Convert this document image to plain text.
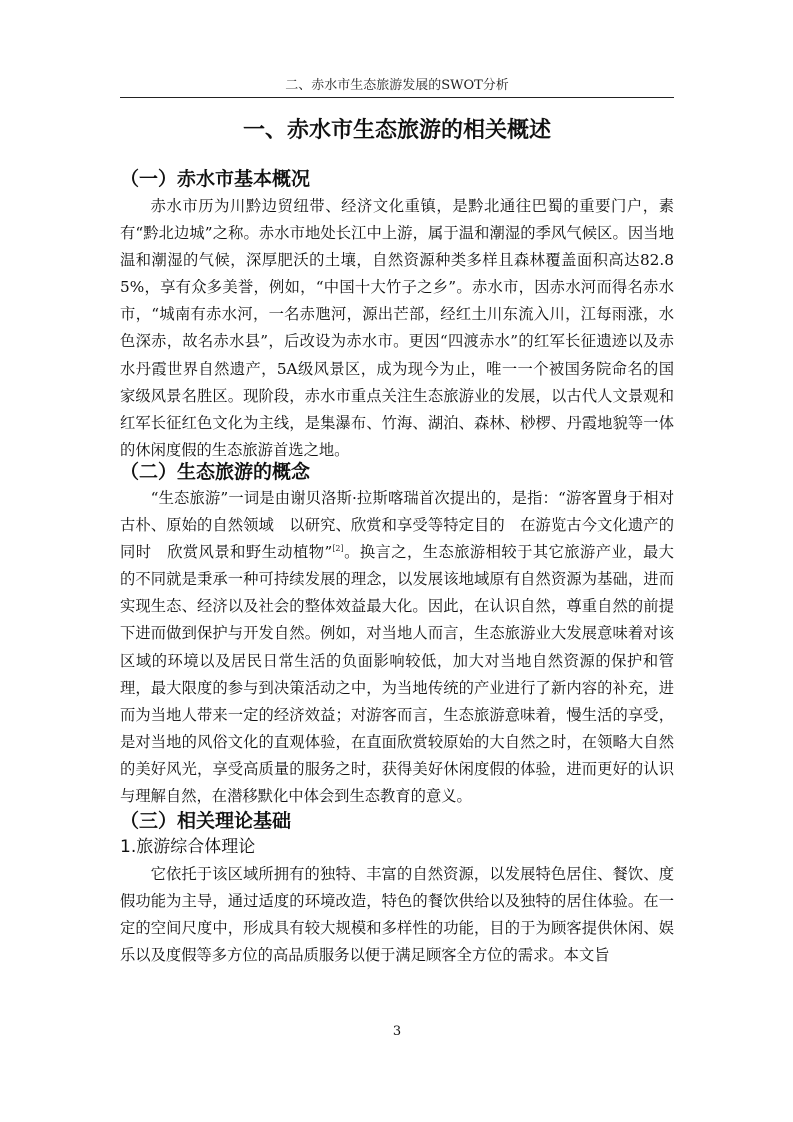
二、赤水市生态旅游发展的SWOT分析
一、赤水市生态旅游的相关概述
（一）赤水市基本概况

赤水市历为川黔边贸纽带、经济文化重镇，是黔北通往巴蜀的重要门户，素有“黔北边城”之称。赤水市地处长江中上游，属于温和潮湿的季风气候区。因当地温和潮湿的气候，深厚肥沃的土壤，自然资源种类多样且森林覆盖面积高达82.85%，享有众多美誉，例如，“中国十大竹子之乡”。赤水市，因赤水河而得名赤水市，“城南有赤水河，一名赤虺河，源出芒部，经红土川东流入川，江每雨涨，水色深赤，故名赤水县”，后改设为赤水市。更因“四渡赤水”的红军长征遗迹以及赤水丹霞世界自然遗产，5A级风景区，成为现今为止，唯一一个被国务院命名的国家级风景名胜区。现阶段，赤水市重点关注生态旅游业的发展，以古代人文景观和红军长征红色文化为主线，是集瀑布、竹海、湖泊、森林、桫椤、丹霞地貌等一体的休闲度假的生态旅游首选之地。

（二）生态旅游的概念

“生态旅游”一词是由谢贝洛斯·拉斯喀瑞首次提出的，是指：“游客置身于相对古朴、原始的自然领域　以研究、欣赏和享受等特定目的　在游览古今文化遗产的同时　欣赏风景和野生动植物”[2]。换言之，生态旅游相较于其它旅游产业，最大的不同就是秉承一种可持续发展的理念，以发展该地域原有自然资源为基础，进而实现生态、经济以及社会的整体效益最大化。因此，在认识自然，尊重自然的前提下进而做到保护与开发自然。例如，对当地人而言，生态旅游业大发展意味着对该区域的环境以及居民日常生活的负面影响较低，加大对当地自然资源的保护和管理，最大限度的参与到决策活动之中，为当地传统的产业进行了新内容的补充，进而为当地人带来一定的经济效益；对游客而言，生态旅游意味着，慢生活的享受，是对当地的风俗文化的直观体验，在直面欣赏较原始的大自然之时，在领略大自然的美好风光，享受高质量的服务之时，获得美好休闲度假的体验，进而更好的认识与理解自然，在潜移默化中体会到生态教育的意义。

（三）相关理论基础
1.旅游综合体理论

它依托于该区域所拥有的独特、丰富的自然资源，以发展特色居住、餐饮、度假功能为主导，通过适度的环境改造，特色的餐饮供给以及独特的居住体验。在一定的空间尺度中，形成具有较大规模和多样性的功能，目的于为顾客提供休闲、娱乐以及度假等多方位的高品质服务以便于满足顾客全方位的需求。本文旨

3
